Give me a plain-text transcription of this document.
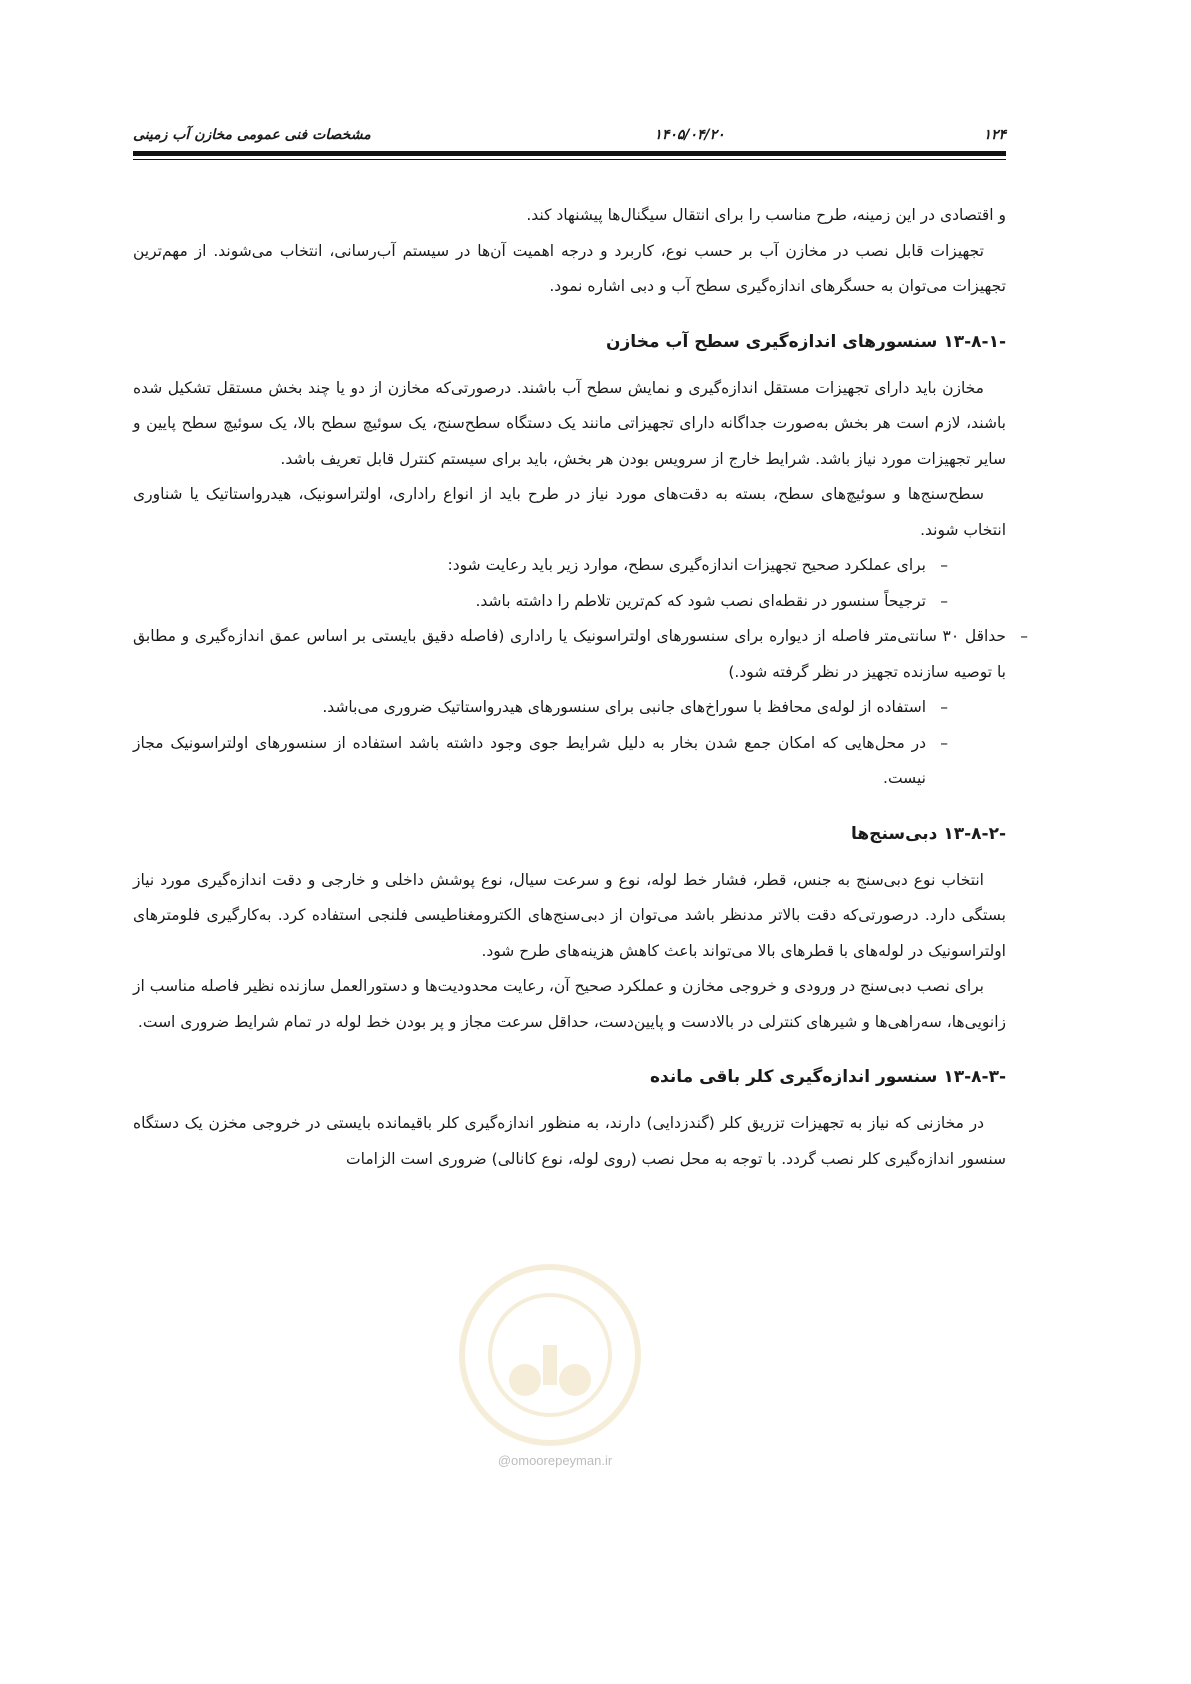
۱۲۴
۱۴۰۵/۰۴/۲۰
مشخصات فنی عمومی مخازن آب زمینی

و اقتصادی در این زمینه، طرح مناسب را برای انتقال سیگنال‌ها پیشنهاد کند.

تجهیزات قابل نصب در مخازن آب بر حسب نوع، کاربرد و درجه اهمیت آن‌ها در سیستم آب‌رسانی، انتخاب می‌شوند. از مهم‌ترین تجهیزات می‌توان به حسگرهای اندازه‌گیری سطح آب و دبی اشاره نمود.

۱۳-۸-۱- سنسورهای اندازه‌گیری سطح آب مخازن

مخازن باید دارای تجهیزات مستقل اندازه‌گیری و نمایش سطح آب باشند. درصورتی‌که مخازن از دو یا چند بخش مستقل تشکیل شده باشند، لازم است هر بخش به‌صورت جداگانه دارای تجهیزاتی مانند یک دستگاه سطح‌سنج، یک سوئیچ سطح بالا، یک سوئیچ سطح پایین و سایر تجهیزات مورد نیاز باشد. شرایط خارج از سرویس بودن هر بخش، باید برای سیستم کنترل قابل تعریف باشد.

سطح‌سنج‌ها و سوئیچ‌های سطح، بسته به دقت‌های مورد نیاز در طرح باید از انواع راداری، اولتراسونیک، هیدرواستاتیک یا شناوری انتخاب شوند.

–
برای عملکرد صحیح تجهیزات اندازه‌گیری سطح، موارد زیر باید رعایت شود:
–
ترجیحاً سنسور در نقطه‌ای نصب شود که کم‌ترین تلاطم را داشته باشد.
–
حداقل ۳۰ سانتی‌متر فاصله از دیواره برای سنسورهای اولتراسونیک یا راداری (فاصله دقیق بایستی بر اساس عمق اندازه‌گیری و مطابق با توصیه سازنده تجهیز در نظر گرفته شود.)
–
استفاده از لوله‌ی محافظ با سوراخ‌های جانبی برای سنسورهای هیدرواستاتیک ضروری می‌باشد.
–
در محل‌هایی که امکان جمع شدن بخار به دلیل شرایط جوی وجود داشته باشد استفاده از سنسورهای اولتراسونیک مجاز نیست.
۱۳-۸-۲- دبی‌سنج‌ها

انتخاب نوع دبی‌سنج به جنس، قطر، فشار خط لوله، نوع و سرعت سیال، نوع پوشش داخلی و خارجی و دقت اندازه‌گیری مورد نیاز بستگی دارد. درصورتی‌که دقت بالاتر مدنظر باشد می‌توان از دبی‌سنج‌های الکترومغناطیسی فلنجی استفاده کرد. به‌کارگیری فلومترهای اولتراسونیک در لوله‌های با قطرهای بالا می‌تواند باعث کاهش هزینه‌های طرح شود.

برای نصب دبی‌سنج در ورودی و خروجی مخازن و عملکرد صحیح آن، رعایت محدودیت‌ها و دستورالعمل سازنده نظیر فاصله مناسب از زانویی‌ها، سه‌راهی‌ها و شیرهای کنترلی در بالادست و پایین‌دست، حداقل سرعت مجاز و پر بودن خط لوله در تمام شرایط ضروری است.

۱۳-۸-۳- سنسور اندازه‌گیری کلر باقی مانده

در مخازنی که نیاز به تجهیزات تزریق کلر (گندزدایی) دارند، به منظور اندازه‌گیری کلر باقیمانده بایستی در خروجی مخزن یک دستگاه سنسور اندازه‌گیری کلر نصب گردد. با توجه به محل نصب (روی لوله، نوع کانالی) ضروری است الزامات

@omoorepeyman.ir
